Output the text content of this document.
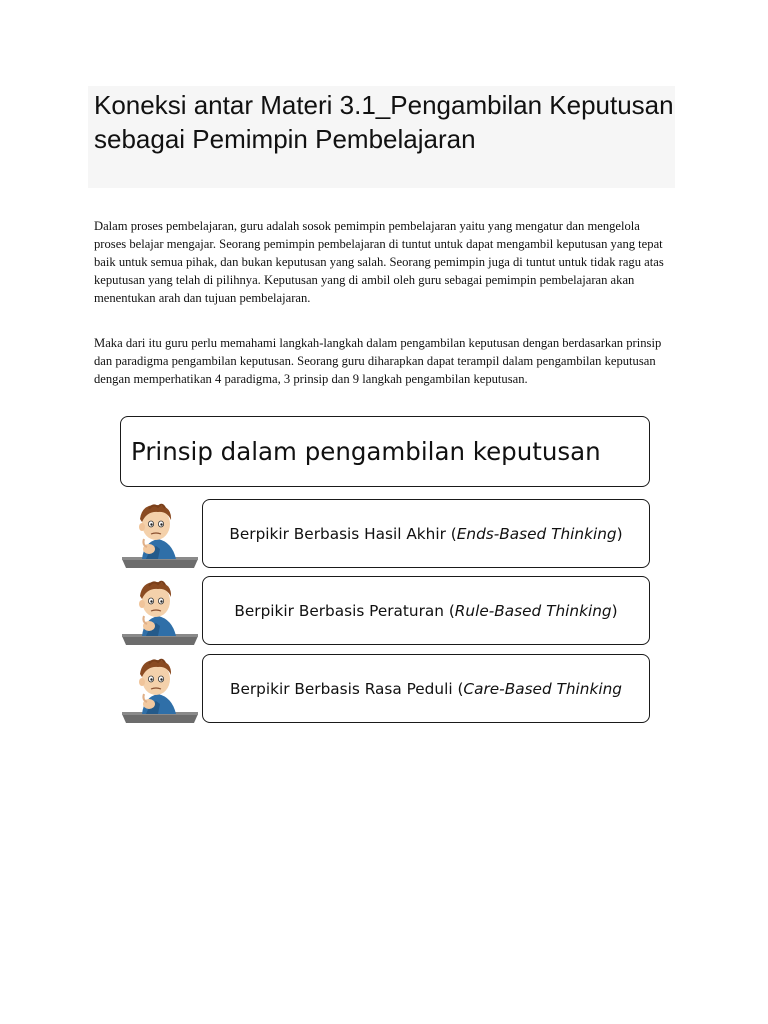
Koneksi antar Materi 3.1_Pengambilan Keputusan sebagai Pemimpin Pembelajaran

Dalam proses pembelajaran, guru adalah sosok pemimpin pembelajaran yaitu yang mengatur dan mengelola proses belajar mengajar. Seorang pemimpin pembelajaran di tuntut untuk dapat mengambil keputusan yang tepat baik untuk semua pihak, dan bukan keputusan yang salah. Seorang pemimpin juga di tuntut untuk tidak ragu atas keputusan yang telah di pilihnya. Keputusan yang di ambil oleh guru sebagai pemimpin pembelajaran akan menentukan arah dan tujuan pembelajaran.

Maka dari itu guru perlu memahami langkah-langkah dalam pengambilan keputusan dengan berdasarkan prinsip dan paradigma pengambilan keputusan. Seorang guru diharapkan dapat terampil dalam pengambilan keputusan dengan memperhatikan 4 paradigma, 3 prinsip dan 9 langkah pengambilan keputusan.

Prinsip dalam pengambilan keputusan
Berpikir Berbasis Hasil Akhir (Ends-Based Thinking)
Berpikir Berbasis Peraturan (Rule-Based Thinking)
Berpikir Berbasis Rasa Peduli (Care-Based Thinking
